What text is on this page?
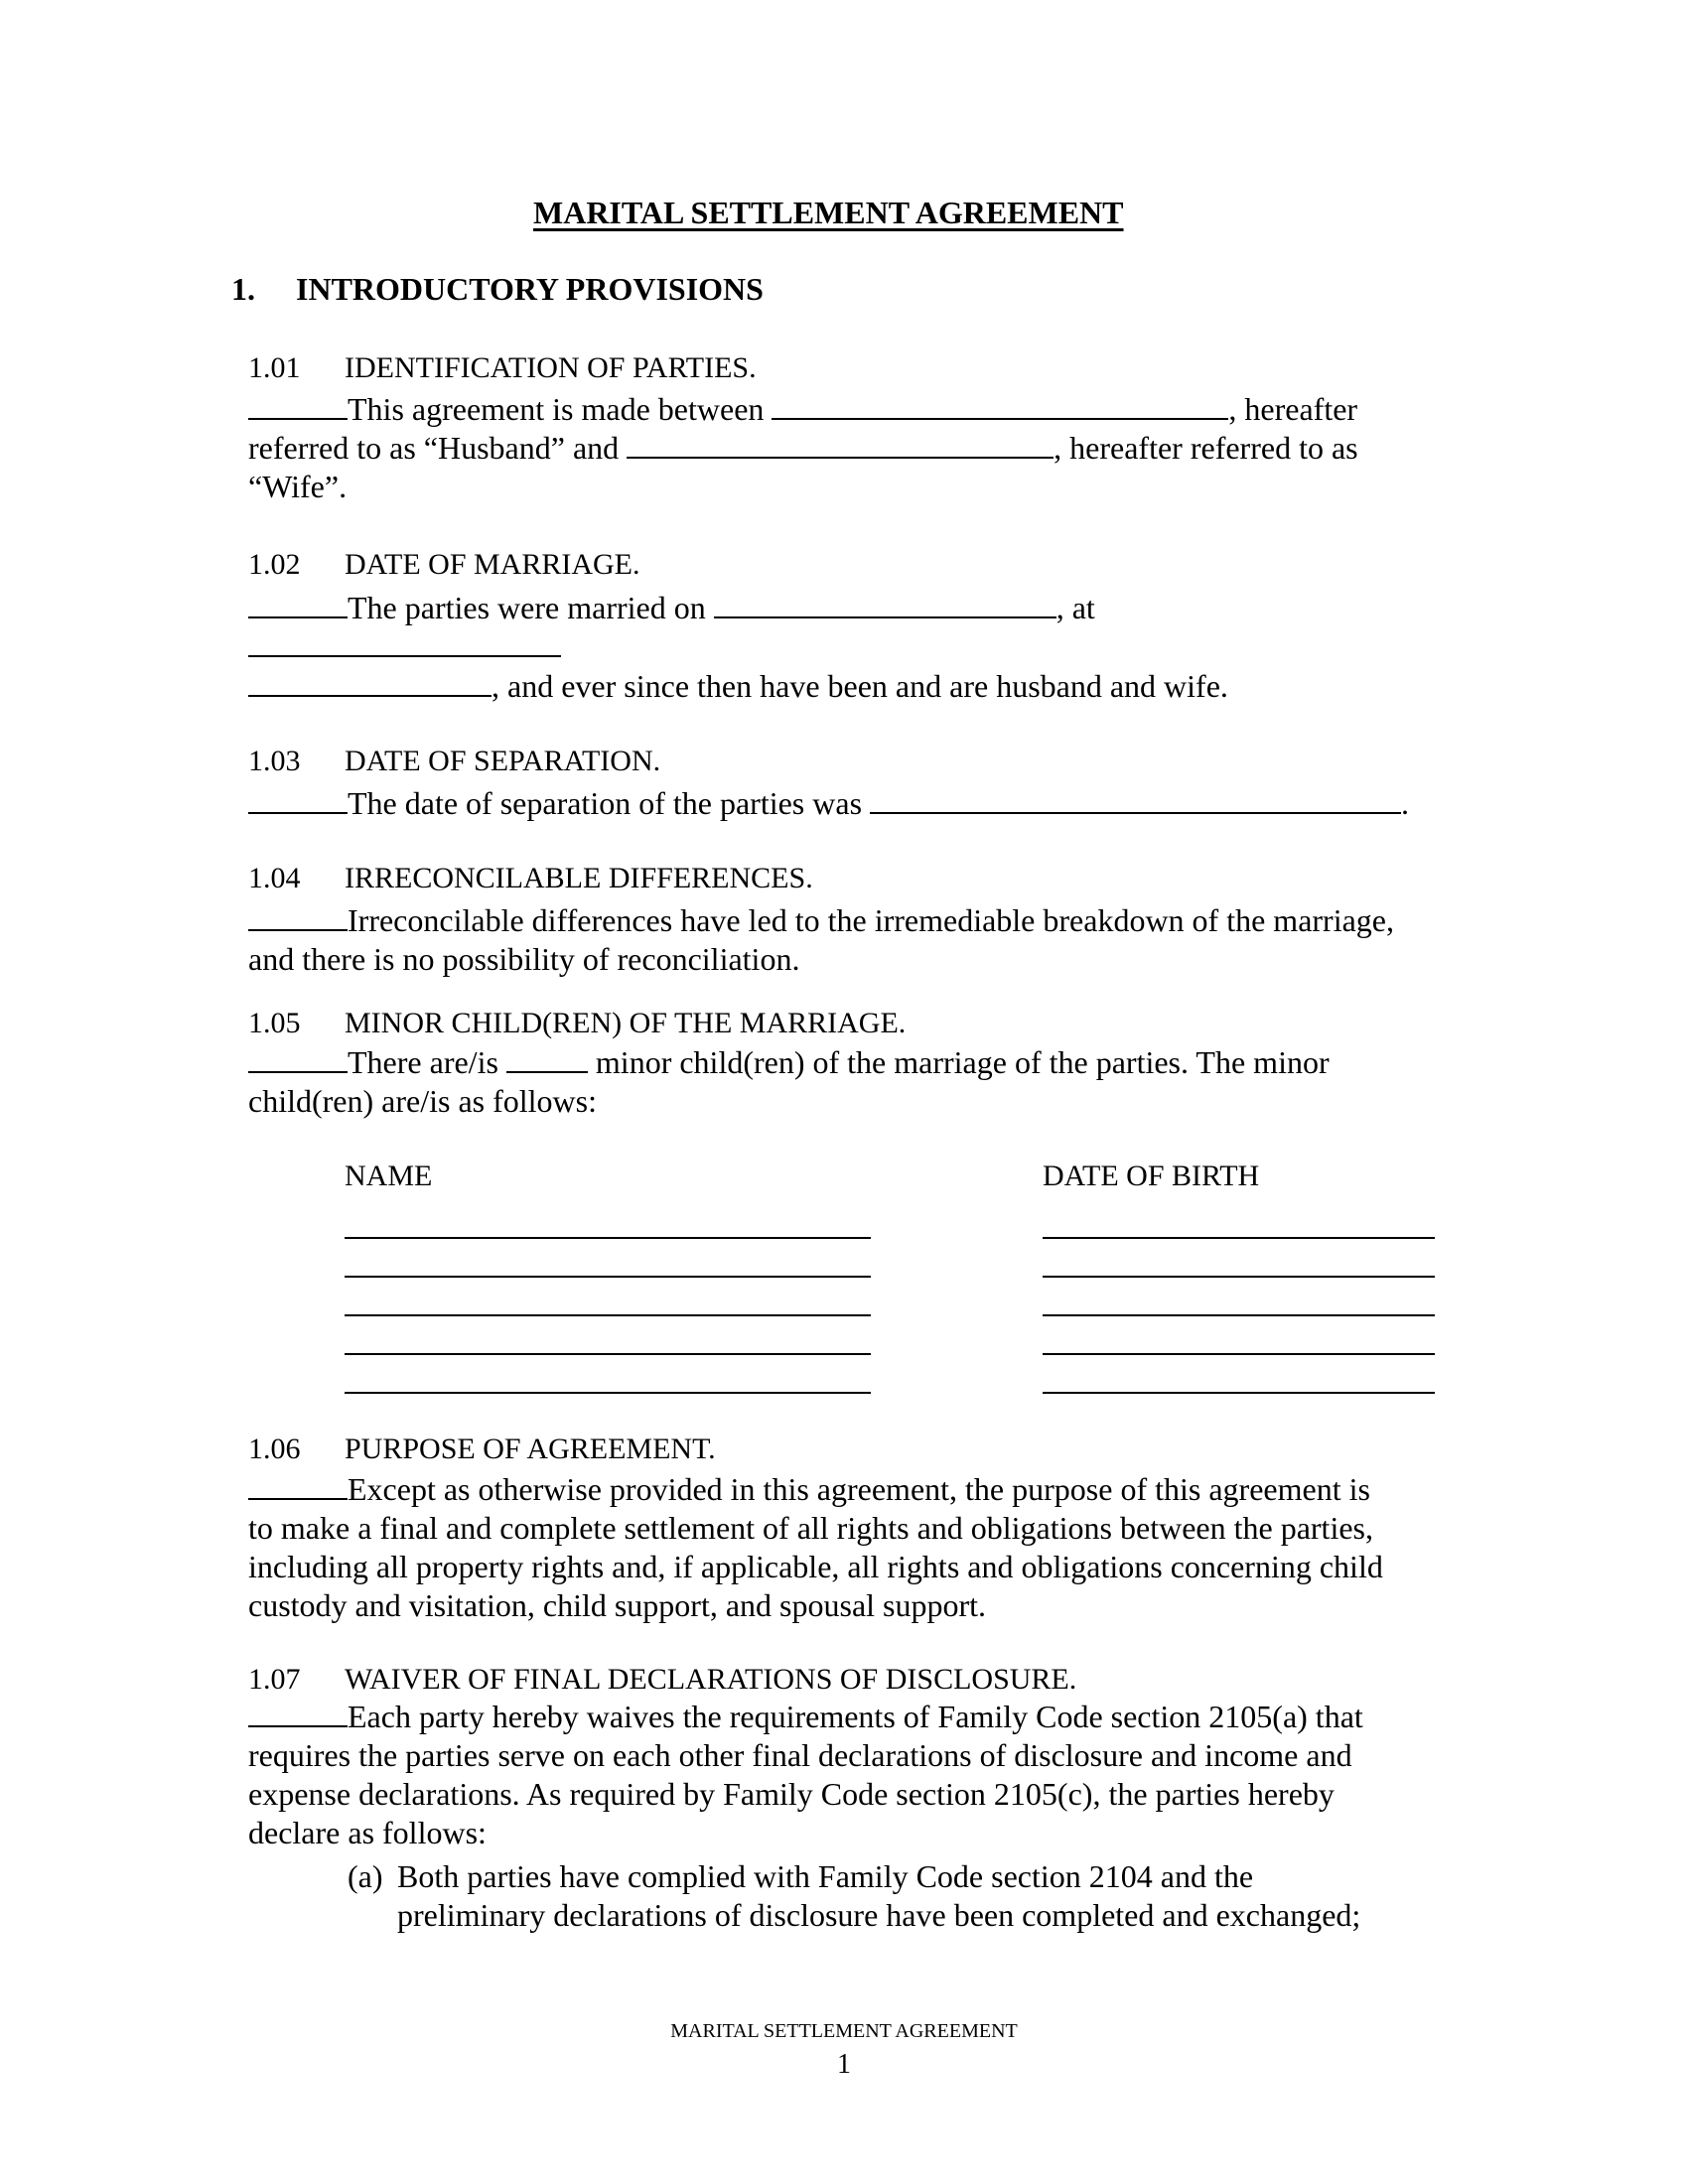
MARITAL SETTLEMENT AGREEMENT
1. INTRODUCTORY PROVISIONS
1.01 IDENTIFICATION OF PARTIES.
This agreement is made between	, hereafter
referred to as “Husband” and	, hereafter referred to as
“Wife”.
1.02 DATE OF MARRIAGE.
The parties were married on	, at
, and ever since then have been and are husband and wife.
1.03 DATE OF SEPARATION.
The date of separation of the parties was	.
1.04 IRRECONCILABLE DIFFERENCES.
Irreconcilable differences have led to the irremediable breakdown of the marriage,
and there is no possibility of reconciliation.
1.05 MINOR CHILD(REN) OF THE MARRIAGE.
There are/is	minor child(ren) of the marriage of the parties. The minor
child(ren) are/is as follows:
NAME	DATE OF BIRTH
1.06 PURPOSE OF AGREEMENT.
Except as otherwise provided in this agreement, the purpose of this agreement is
to make a final and complete settlement of all rights and obligations between the parties,
including all property rights and, if applicable, all rights and obligations concerning child
custody and visitation, child support, and spousal support.
1.07 WAIVER OF FINAL DECLARATIONS OF DISCLOSURE.
Each party hereby waives the requirements of Family Code section 2105(a) that
requires the parties serve on each other final declarations of disclosure and income and
expense declarations. As required by Family Code section 2105(c), the parties hereby
declare as follows:
(a) Both parties have complied with Family Code section 2104 and the
preliminary declarations of disclosure have been completed and exchanged;
MARITAL SETTLEMENT AGREEMENT
1
